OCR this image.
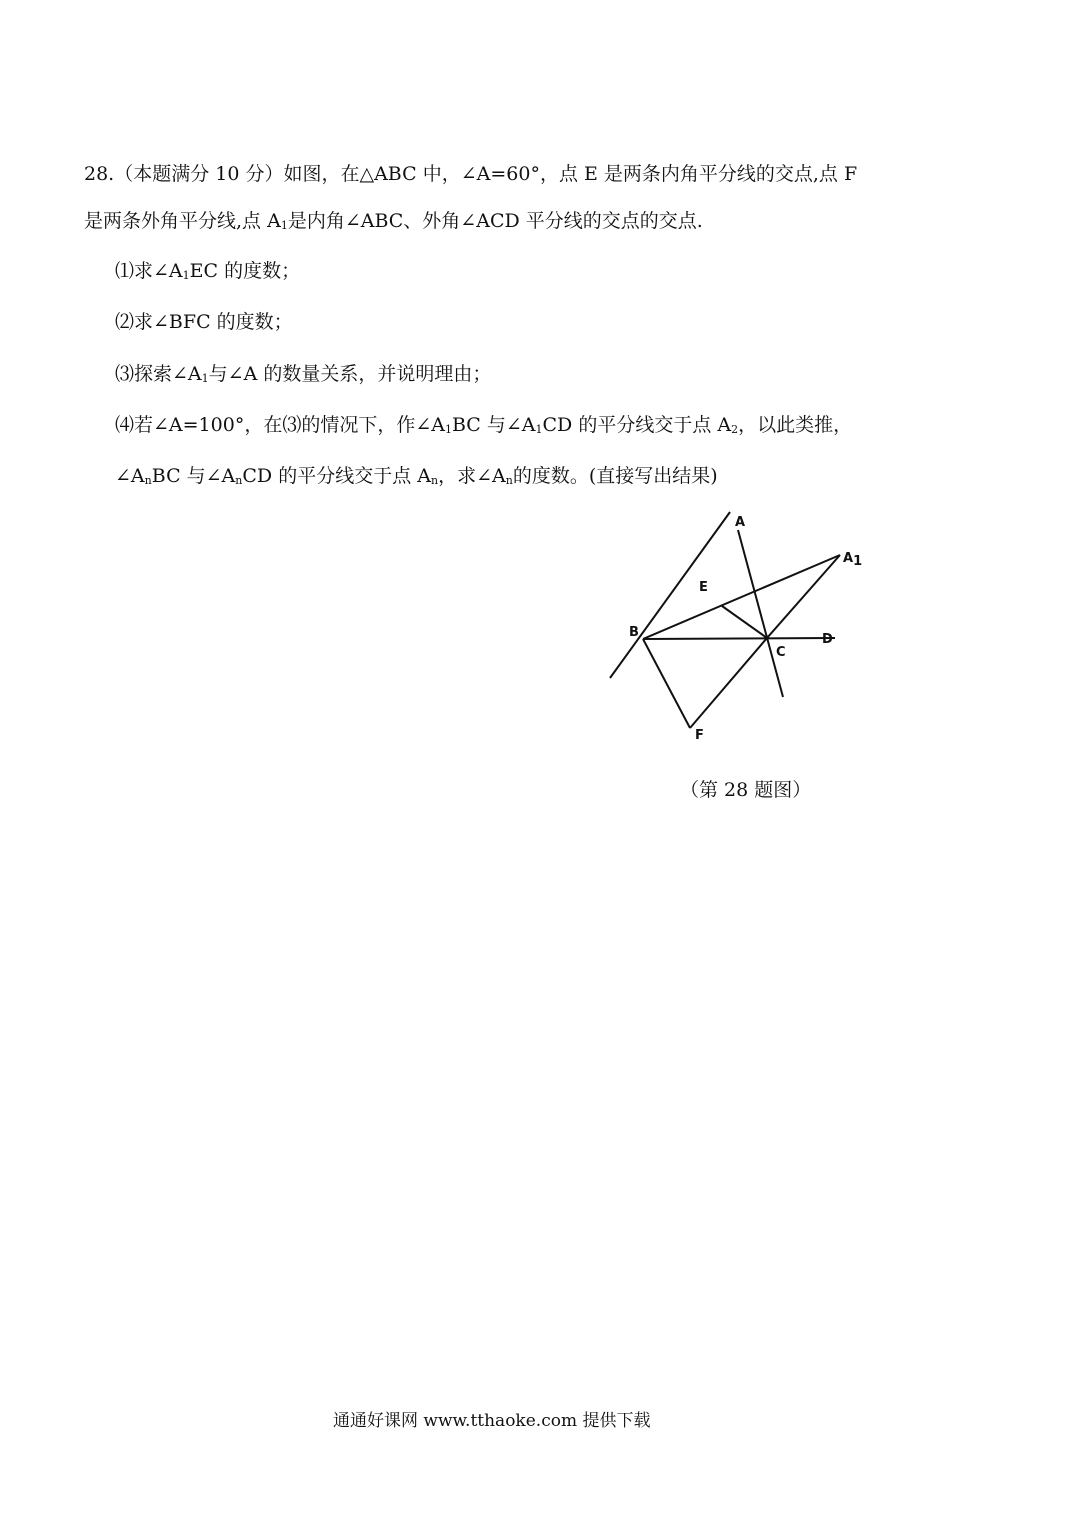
28.（本题满分 10 分）如图，在△ABC 中，∠A=60°，点 E 是两条内角平分线的交点,点 F
是两条外角平分线,点 $A_1$是内角∠ABC、外角∠ACD 平分线的交点的交点.
⑴求$\angle A_1EC$ 的度数；
⑵求∠BFC 的度数；
⑶探索$\angle A_1$与∠A 的数量关系，并说明理由；
⑷若∠A=100°，在⑶的情况下，作$\angle A_1BC$ 与$\angle A_1CD$ 的平分线交于点 $A_2$，以此类推，
$\angle A_nBC$ 与$\angle A_nCD$ 的平分线交于点 $A_n$，求$\angle A_n$的度数。(直接写出结果)
A
A1
E
B
C
D
F
（第 28 题图）
通通好课网 www.tthaoke.com 提供下载
